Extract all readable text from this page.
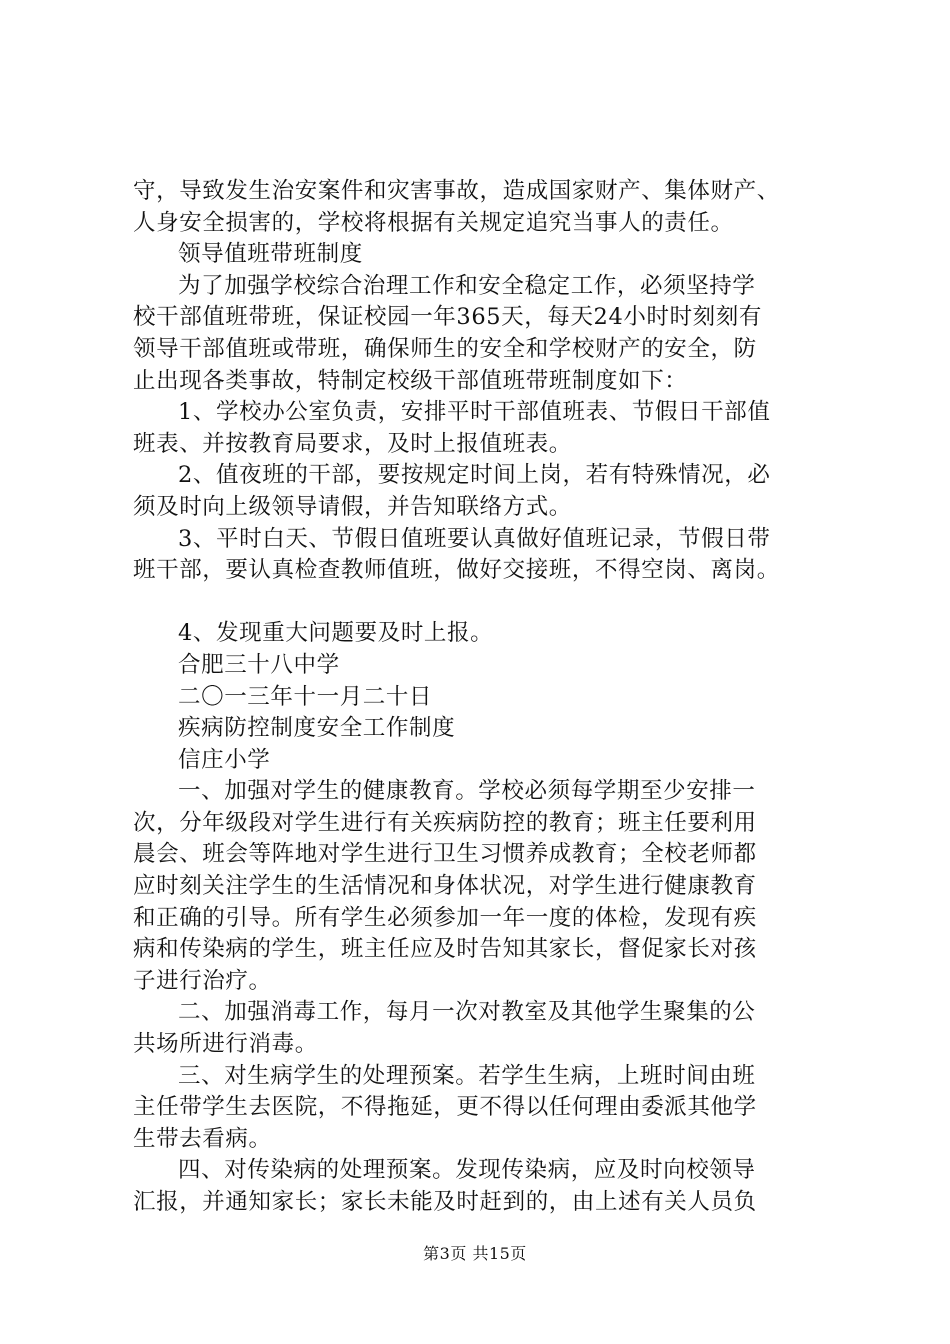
守，导致发生治安案件和灾害事故，造成国家财产、集体财产、
人身安全损害的，学校将根据有关规定追究当事人的责任。
领导值班带班制度
为了加强学校综合治理工作和安全稳定工作，必须坚持学
校干部值班带班，保证校园一年365天，每天24小时时刻刻有
领导干部值班或带班，确保师生的安全和学校财产的安全，防
止出现各类事故，特制定校级干部值班带班制度如下：
1、学校办公室负责，安排平时干部值班表、节假日干部值
班表、并按教育局要求，及时上报值班表。
2、值夜班的干部，要按规定时间上岗，若有特殊情况，必
须及时向上级领导请假，并告知联络方式。
3、平时白天、节假日值班要认真做好值班记录，节假日带
班干部，要认真检查教师值班，做好交接班，不得空岗、离岗。
4、发现重大问题要及时上报。
合肥三十八中学
二〇一三年十一月二十日
疾病防控制度安全工作制度
信庄小学
一、加强对学生的健康教育。学校必须每学期至少安排一
次，分年级段对学生进行有关疾病防控的教育；班主任要利用
晨会、班会等阵地对学生进行卫生习惯养成教育；全校老师都
应时刻关注学生的生活情况和身体状况，对学生进行健康教育
和正确的引导。所有学生必须参加一年一度的体检，发现有疾
病和传染病的学生，班主任应及时告知其家长，督促家长对孩
子进行治疗。
二、加强消毒工作，每月一次对教室及其他学生聚集的公
共场所进行消毒。
三、对生病学生的处理预案。若学生生病，上班时间由班
主任带学生去医院，不得拖延，更不得以任何理由委派其他学
生带去看病。
四、对传染病的处理预案。发现传染病，应及时向校领导
汇报，并通知家长；家长未能及时赶到的，由上述有关人员负
第3页 共15页
